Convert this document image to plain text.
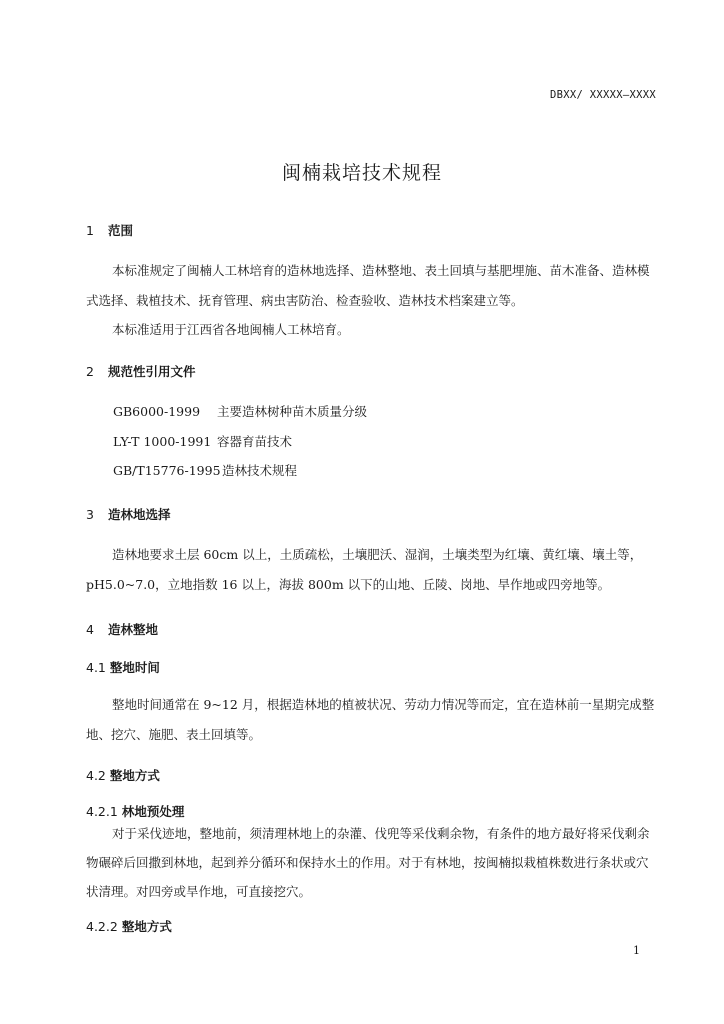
DBXX/ XXXXX—XXXX
闽楠栽培技术规程
1 范围
本标准规定了闽楠人工林培育的造林地选择、造林整地、表土回填与基肥埋施、苗木准备、造林模
式选择、栽植技术、抚育管理、病虫害防治、检查验收、造林技术档案建立等。
本标准适用于江西省各地闽楠人工林培育。
2 规范性引用文件
GB6000-1999 主要造林树种苗木质量分级
LY-T 1000-1991 容器育苗技术
GB/T15776-1995造林技术规程
3 造林地选择
造林地要求土层 60cm 以上，土质疏松，土壤肥沃、湿润，土壤类型为红壤、黄红壤、壤土等，
pH5.0~7.0，立地指数 16 以上，海拔 800m 以下的山地、丘陵、岗地、旱作地或四旁地等。
4 造林整地
4.1 整地时间
整地时间通常在 9~12 月，根据造林地的植被状况、劳动力情况等而定，宜在造林前一星期完成整
地、挖穴、施肥、表土回填等。
4.2 整地方式
4.2.1 林地预处理
对于采伐迹地，整地前，须清理林地上的杂灌、伐兜等采伐剩余物，有条件的地方最好将采伐剩余
物碾碎后回撒到林地，起到养分循环和保持水土的作用。对于有林地，按闽楠拟栽植株数进行条状或穴
状清理。对四旁或旱作地，可直接挖穴。
4.2.2 整地方式
1
